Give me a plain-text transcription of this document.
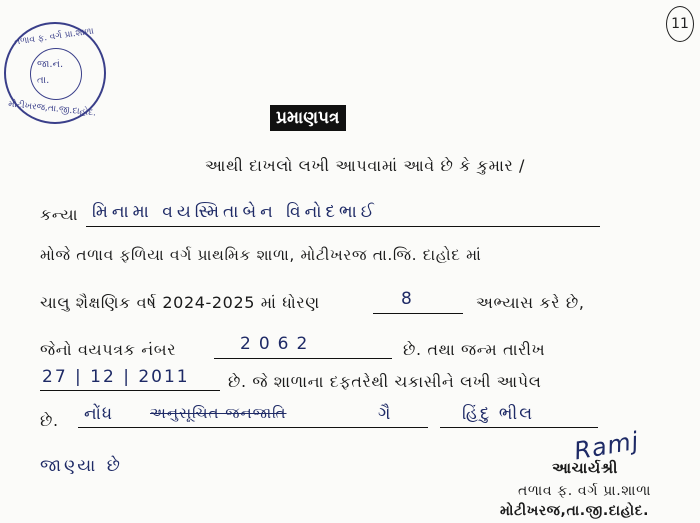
11
તળાવ ફ. વર્ગ પ્રા.શાળા
જા.નં.
તા.
મોટીખરજ,તા.જી.દાહોદ.	પ્રમાણપત્ર
આથી દાખલો લખી આપવામાં આવે છે કે કુમાર /
કન્યા મિનામા વયસ્મિતાબેન વિનોદભાઈ
મોજે તળાવ ફળિયા વર્ગ પ્રાથમિક શાળા, મોટીખરજ તા.જિ. દાહોદ માં
ચાલુ શૈક્ષણિક વર્ષ 2024-2025 માં ધોરણ	8	અભ્યાસ કરે છે,
જેનો વયપત્રક નંબર	2062	છે. તથા જન્મ તારીખ
27 | 12 | 2011 છે. જે શાળાના દફતરેથી ચકાસીને લખી આપેલ
છે. નોંધ અનુસૂચિત જનજાતિ	ગૈ	હિંદુ ભીલ
જાણ્યા છે
Ramj
આચાર્યશ્રી
તળાવ ફ. વર્ગ પ્રા.શાળા
મોટીખરજ,તા.જી.દાહોદ.
